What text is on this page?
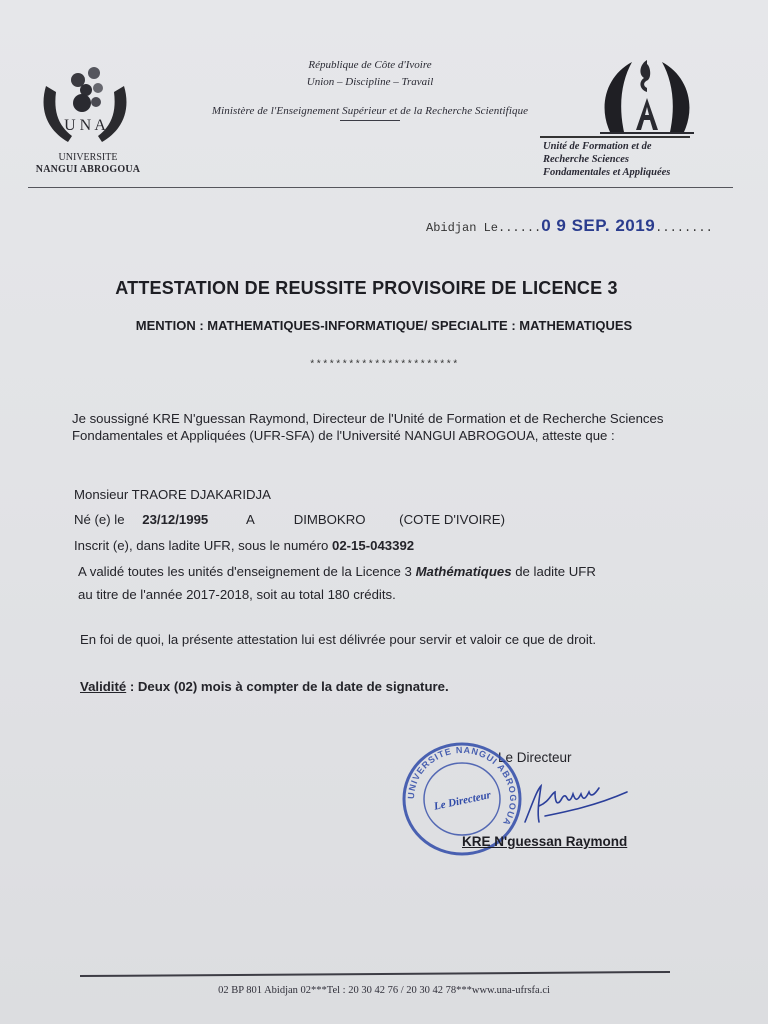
U N A
UNIVERSITE
NANGUI ABROGOUA
République de Côte d'Ivoire
Union – Discipline – Travail
Ministère de l'Enseignement Supérieur et de la Recherche Scientifique
Unité de Formation et de
Recherche Sciences
Fondamentales et Appliquées
Abidjan Le......0 9 SEP. 2019........
ATTESTATION DE REUSSITE PROVISOIRE DE LICENCE 3
MENTION : MATHEMATIQUES-INFORMATIQUE/ SPECIALITE : MATHEMATIQUES
***********************
Je soussigné KRE N'guessan Raymond, Directeur de l'Unité de Formation et de Recherche Sciences Fondamentales et Appliquées (UFR-SFA) de l'Université NANGUI ABROGOUA, atteste que :
Monsieur TRAORE DJAKARIDJA
Né (e) le 23/12/1995	A	DIMBOKRO	(COTE D'IVOIRE)
Inscrit (e), dans ladite UFR, sous le numéro 02-15-043392
A validé toutes les unités d'enseignement de la Licence 3 Mathématiques de ladite UFR
au titre de l'année 2017-2018, soit au total 180 crédits.
En foi de quoi, la présente attestation lui est délivrée pour servir et valoir ce que de droit.
Validité : Deux (02) mois à compter de la date de signature.
Le Directeur
UNIVERSITE NANGUI ABROGOUA
Le Directeur
KRE N'guessan Raymond
02 BP 801 Abidjan 02***Tel : 20 30 42 76 / 20 30 42 78***www.una-ufrsfa.ci
